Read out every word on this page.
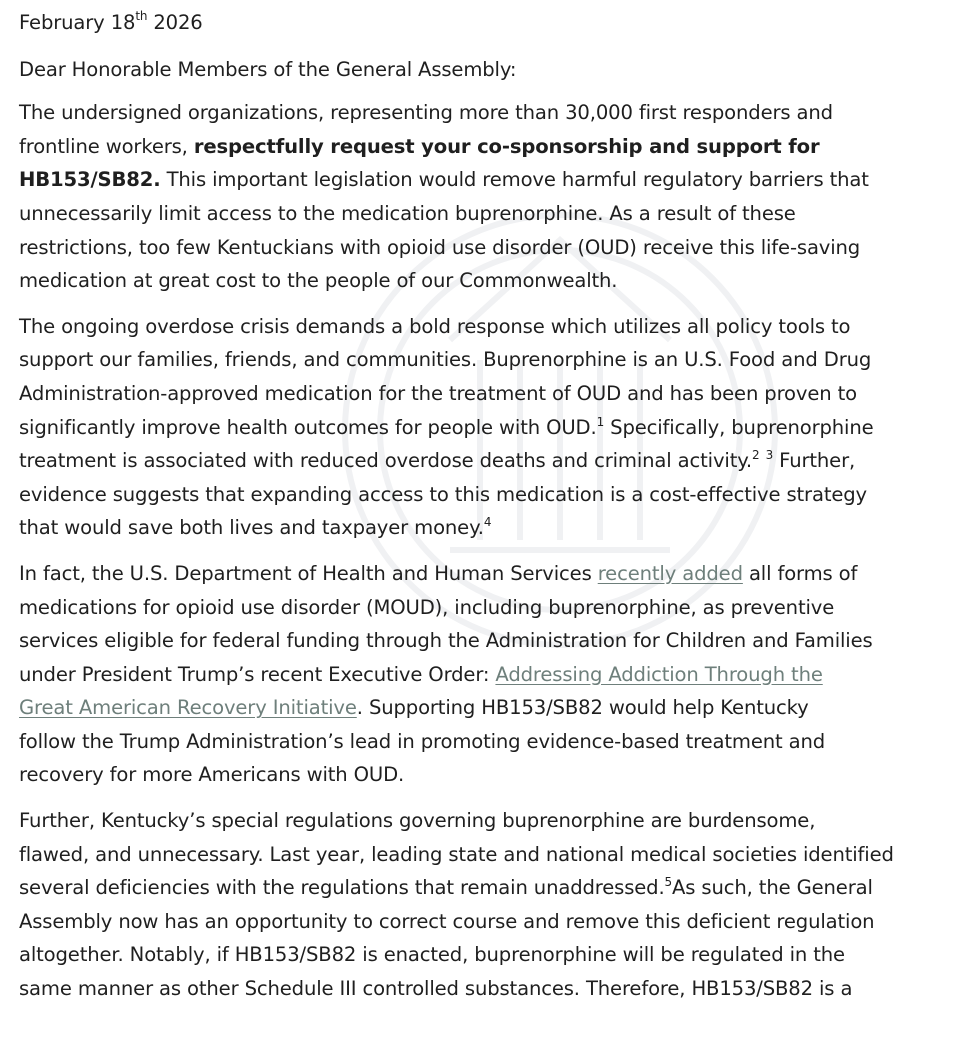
February 18th 2026
Dear Honorable Members of the General Assembly:

The undersigned organizations, representing more than 30,000 first responders and
frontline workers, respectfully request your co-sponsorship and support for
HB153/SB82. This important legislation would remove harmful regulatory barriers that
unnecessarily limit access to the medication buprenorphine. As a result of these
restrictions, too few Kentuckians with opioid use disorder (OUD) receive this life-saving
medication at great cost to the people of our Commonwealth.

The ongoing overdose crisis demands a bold response which utilizes all policy tools to
support our families, friends, and communities. Buprenorphine is an U.S. Food and Drug
Administration-approved medication for the treatment of OUD and has been proven to
significantly improve health outcomes for people with OUD.$^1$ Specifically, buprenorphine
treatment is associated with reduced overdose deaths and criminal activity.$^2$ $^3$ Further,
evidence suggests that expanding access to this medication is a cost-effective strategy
that would save both lives and taxpayer money.$^4$

In fact, the U.S. Department of Health and Human Services recently added all forms of
medications for opioid use disorder (MOUD), including buprenorphine, as preventive
services eligible for federal funding through the Administration for Children and Families
under President Trump’s recent Executive Order: Addressing Addiction Through the
Great American Recovery Initiative. Supporting HB153/SB82 would help Kentucky
follow the Trump Administration’s lead in promoting evidence-based treatment and
recovery for more Americans with OUD.

Further, Kentucky’s special regulations governing buprenorphine are burdensome,
flawed, and unnecessary. Last year, leading state and national medical societies identified
several deficiencies with the regulations that remain unaddressed.$^5$As such, the General
Assembly now has an opportunity to correct course and remove this deficient regulation
altogether. Notably, if HB153/SB82 is enacted, buprenorphine will be regulated in the
same manner as other Schedule III controlled substances. Therefore, HB153/SB82 is a
